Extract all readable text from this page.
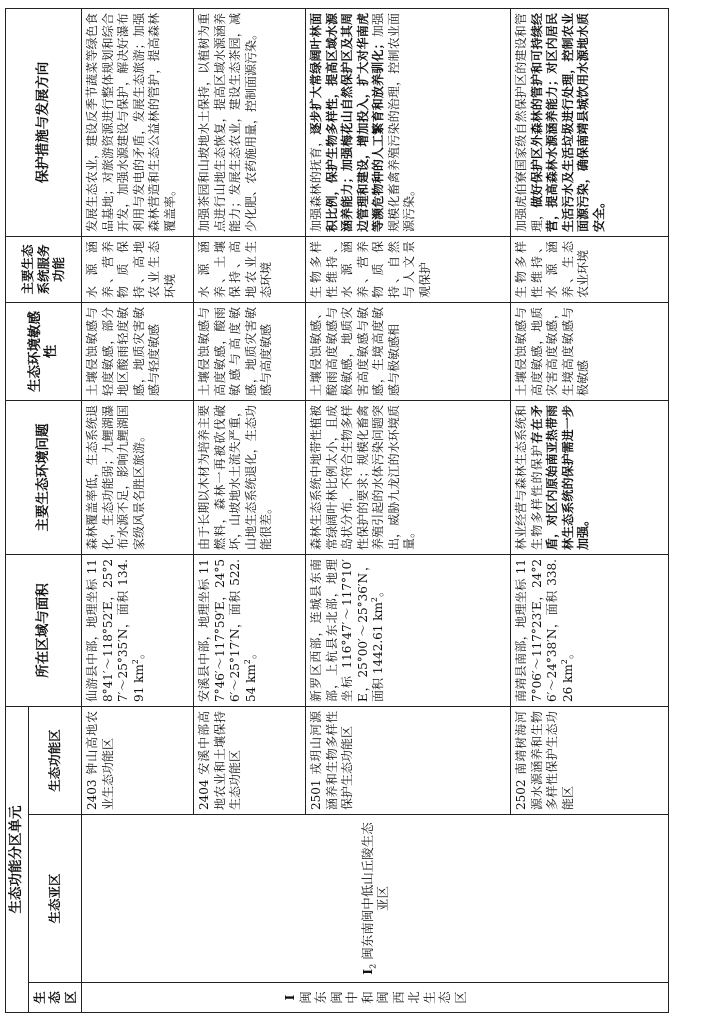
生态功能分区单元			所在区域与面积	主要生态环境问题	生态环境敏感性	主要生态系统服务功能	保护措施与发展方向
生态区	生态亚区	生态功能区					
I 闽东闽中和闽西北生态区	$I_2$ 闽东南闽中低山丘陵生态亚区	2403 钟山高地农业生态功能区	仙游县中部，地理坐标 118°41′～118°52′E，25°27′～25°35′N，面积 134.91 $km^2$。	森林覆盖率低，生态系统退化，生态功能弱；九鲤湖瀑布水源不足，影响九鲤湖国家级风景名胜区旅游。	土壤侵蚀敏感与轻度敏感，部分地区酸雨轻度敏感，地质灾害敏感与轻度敏感	水源涵养、营养物质保持、高地农业生态环境	发展生态农业，建设反季节蔬菜等绿色食品基地；对旅游资源进行整体规划和综合开发，加强水源建设与保护，解决好瀑布利用与发电的矛盾，发展生态旅游；加强森林营造和生态公益林的管护，提高森林覆盖率。
		2404 安溪中部高地农业和土壤保持生态功能区	安溪县中部，地理坐标 117°46′～117°59′E，24°56′～25°17′N，面积 522.54 $km^2$。	由于长期以木材为培养主要燃料，森林一再被砍伐破坏，山坡地水土流失严重，山地生态系统退化，生态功能很差。	土壤侵蚀敏感与高度敏感，酸雨敏感与高度敏感，地质灾害敏感与高度敏感	水源涵养、土壤保持、高地农业生态环境	加强茶园和山坡地水土保持，以植树为重点进行山地生态恢复，提高区域水源涵养能力；发展生态农业，建设生态茶园，减少化肥、农药施用量，控制面源污染。
		2501 戎玥山河源涵养和生物多样性保护生态功能区	新罗区西部，连城县东南部，上杭县东北部，地理坐标 116°47′～117°10′E，25°00′～25°36′N，面积 1442.61 $km^2$。	森林生态系统中地带性植被常绿阔叶林比例太小，且成岛状分布，不符合生物多样性保护的要求；规模化畜禽养殖引起的水体污染问题突出，威胁九龙江的水环境质量。	土壤侵蚀敏感、酸雨高度敏感与极敏感，地质灾害高度敏感与敏感，生境高度敏感与极敏感相	生物多样性维持、水源涵养、营养物质保持、自然与人文景观保护	加强森林的抚育，逐步扩大常绿阔叶林面积比例，保护生物多样性，提高区域水源涵养能力；加强梅花山自然保护区及其周边管理和建设，增加投入，扩大对华南虎等濒危物种的人工繁育和放养驯化；加强规模化畜禽养殖污染的治理，控制农业面源污染。
		2502 南靖树海河源水源涵养和生物多样性保护生态功能区	南靖县南部，地理坐标 117°06′～117°23′E，24°26′～24°38′N，面积 338.26 $km^2$。	林业经营与森林生态系统和生物多样性的保护存在矛盾，对区内原始南亚热带雨林生态系统的保护需进一步加强。	土壤侵蚀敏感与高度敏感，地质灾害高度敏感，生境高度敏感与极敏感	生物多样性维持、水源涵养、生态农业环境	加强虎伯寮国家级自然保护区的建设和管理，做好保护区外森林的管护和可持续经营，提高森林水源涵养能力；对区内居民生活污水及生活垃圾进行处理，控制农业面源污染，确保南靖县城饮用水源地水质安全。
